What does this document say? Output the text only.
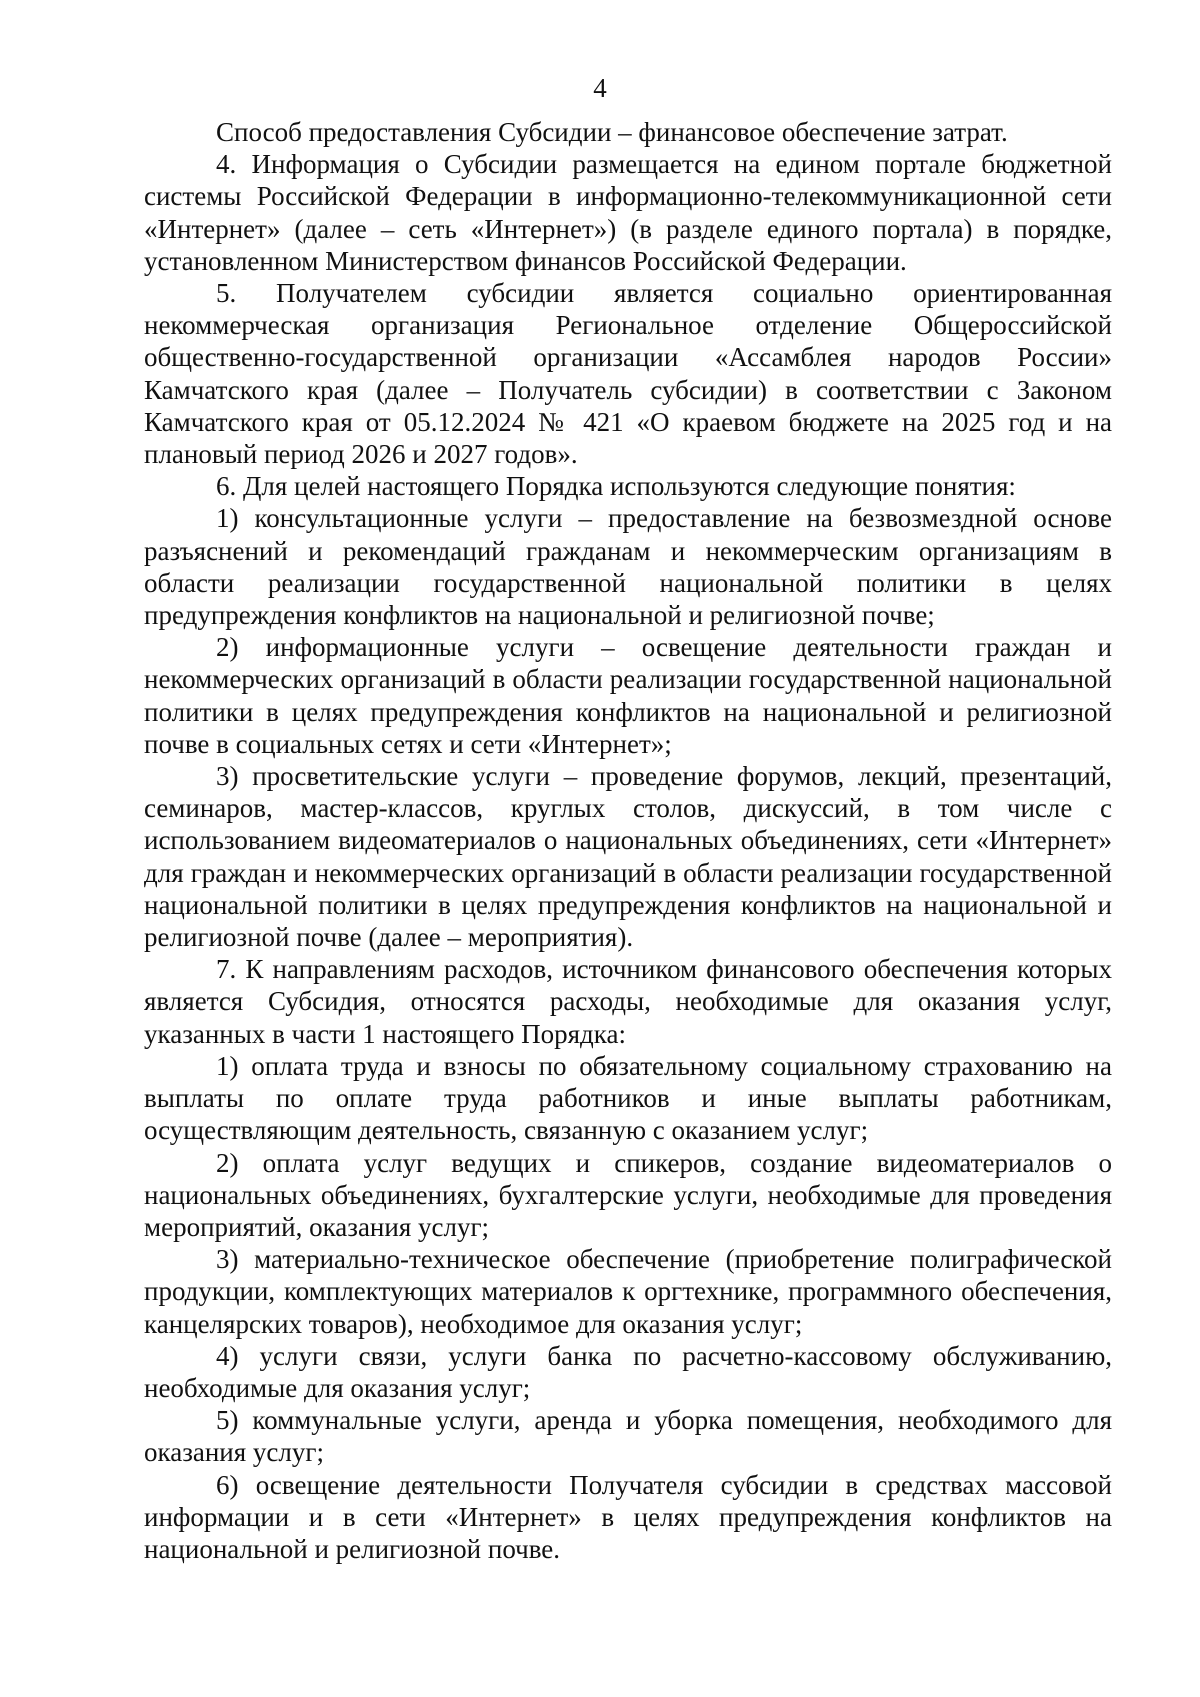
4

Способ предоставления Субсидии – финансовое обеспечение затрат.

4. Информация о Субсидии размещается на едином портале бюджетной системы Российской Федерации в информационно-телекоммуникационной сети «Интернет» (далее – сеть «Интернет») (в разделе единого портала) в порядке, установленном Министерством финансов Российской Федерации.

5. Получателем субсидии является социально ориентированная некоммерческая организация Региональное отделение Общероссийской общественно-государственной организации «Ассамблея народов России» Камчатского края (далее – Получатель субсидии) в соответствии с Законом Камчатского края от 05.12.2024 № 421 «О краевом бюджете на 2025 год и на плановый период 2026 и 2027 годов».

6. Для целей настоящего Порядка используются следующие понятия:

1) консультационные услуги – предоставление на безвозмездной основе разъяснений и рекомендаций гражданам и некоммерческим организациям в области реализации государственной национальной политики в целях предупреждения конфликтов на национальной и религиозной почве;

2) информационные услуги – освещение деятельности граждан и некоммерческих организаций в области реализации государственной национальной политики в целях предупреждения конфликтов на национальной и религиозной почве в социальных сетях и сети «Интернет»;

3) просветительские услуги – проведение форумов, лекций, презентаций, семинаров, мастер-классов, круглых столов, дискуссий, в том числе с использованием видеоматериалов о национальных объединениях, сети «Интернет» для граждан и некоммерческих организаций в области реализации государственной национальной политики в целях предупреждения конфликтов на национальной и религиозной почве (далее – мероприятия).

7. К направлениям расходов, источником финансового обеспечения которых является Субсидия, относятся расходы, необходимые для оказания услуг, указанных в части 1 настоящего Порядка:

1) оплата труда и взносы по обязательному социальному страхованию на выплаты по оплате труда работников и иные выплаты работникам, осуществляющим деятельность, связанную с оказанием услуг;

2) оплата услуг ведущих и спикеров, создание видеоматериалов о национальных объединениях, бухгалтерские услуги, необходимые для проведения мероприятий, оказания услуг;

3) материально-техническое обеспечение (приобретение полиграфической продукции, комплектующих материалов к оргтехнике, программного обеспечения, канцелярских товаров), необходимое для оказания услуг;

4) услуги связи, услуги банка по расчетно-кассовому обслуживанию, необходимые для оказания услуг;

5) коммунальные услуги, аренда и уборка помещения, необходимого для оказания услуг;

6) освещение деятельности Получателя субсидии в средствах массовой информации и в сети «Интернет» в целях предупреждения конфликтов на национальной и религиозной почве.
